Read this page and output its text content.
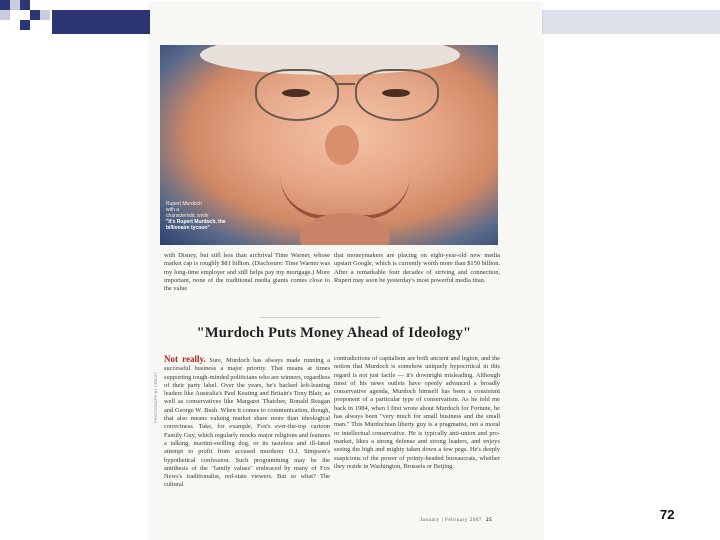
Rupert Murdoch
with a
characteristic smile
"It's Rupert Murdoch, the billionaire tycoon"
with Disney, but still less than archrival Time Warner, whose market cap is roughly $81 billion. (Disclosure: Time Warner was my long-time employer and still helps pay my mortgage.) More important, none of the traditional media giants comes close to the value
that moneymakers are placing on eight-year-old new media upstart Google, which is currently worth more than $150 billion. After a remarkable four decades of striving and connection, Rupert may soon be yesterday's most powerful media titan.
"Murdoch Puts Money Ahead of Ideology"
Not really. Sure, Murdoch has always made running a successful business a major priority. That means at times supporting tough-minded politicians who are winners, regardless of their party label. Over the years, he's backed left-leaning leaders like Australia's Paul Keating and Britain's Tony Blair, as well as conservatives like Margaret Thatcher, Ronald Reagan and George W. Bush. When it comes to communication, though, that also means valuing market share more than ideological correctness. Take, for example, Fox's ever-the-top cartoon Family Guy, which regularly mocks major religions and features a talking, martini-swilling dog, or its tasteless and ill-fated attempt to profit from accused murderer O.J. Simpson's hypothetical confession. Such programming may be the antithesis of the "family values" embraced by many of Fox News's traditionalist, red-state viewers. But so what? The cultural
contradictions of capitalism are both ancient and legion, and the notion that Murdoch is somehow uniquely hypocritical in this regard is not just facile — it's downright misleading. Although most of his news outlets have openly advanced a broadly conservative agenda, Murdoch himself has been a consistent proponent of a particular type of conservatism. As he told me back in 1984, when I first wrote about Murdoch for Fortune, he has always been "very much for small business and the small man." This Murdochian liberty guy is a pragmatist, not a moral or intellectual conservative. He is typically anti-union and pro-market, likes a strong defense and strong leaders, and enjoys seeing the high and mighty taken down a few pegs. He's deeply suspicious of the power of pointy-headed bureaucrats, whether they reside in Washington, Brussels or Beijing.
PHOTOGRAPH BY CREDIT
January | February 2007 25	72
